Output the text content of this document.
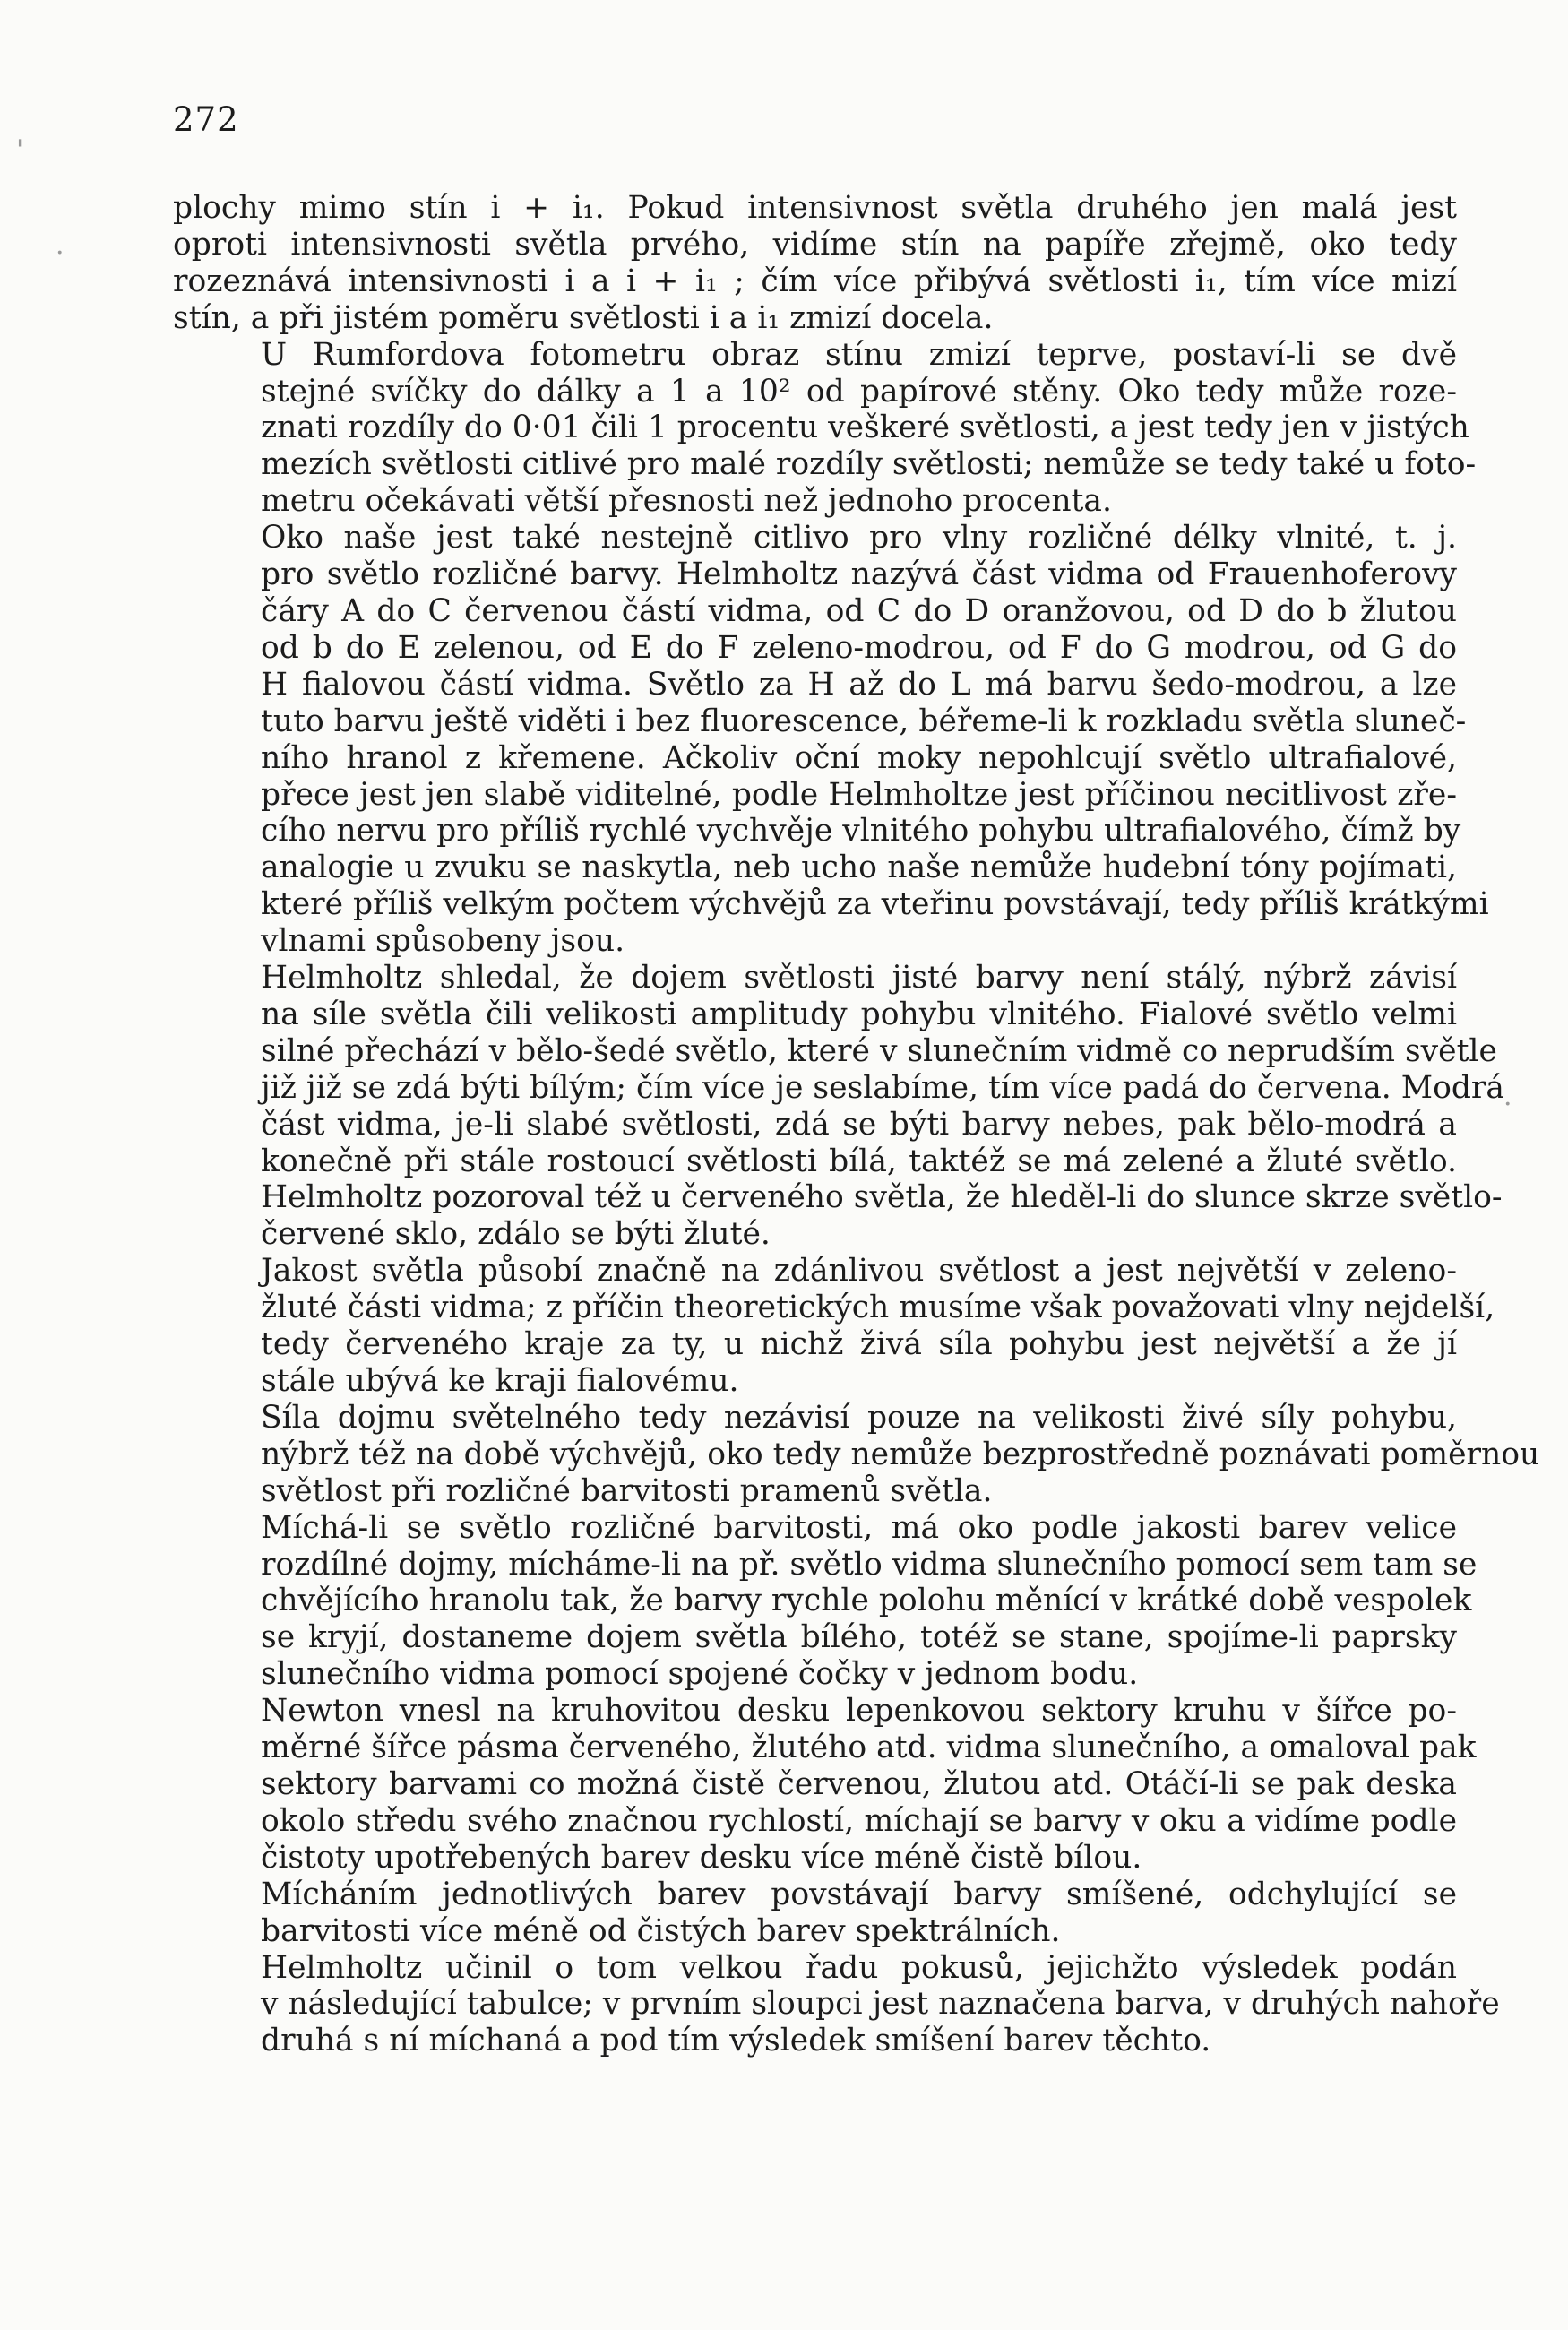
272

plochy mimo stín i + i₁. Pokud intensivnost světla druhého jen malá jest
oproti intensivnosti světla prvého, vidíme stín na papíře zřejmě, oko tedy
rozeznává intensivnosti i a i + i₁ ; čím více přibývá světlosti i₁, tím více mizí
stín, a při jistém poměru světlosti i a i₁ zmizí docela.

U Rumfordova fotometru obraz stínu zmizí teprve, postaví-li se dvě
stejné svíčky do dálky a 1 a 10² od papírové stěny. Oko tedy může roze-
znati rozdíly do 0·01 čili 1 procentu veškeré světlosti, a jest tedy jen v jistých
mezích světlosti citlivé pro malé rozdíly světlosti; nemůže se tedy také u foto-
metru očekávati větší přesnosti než jednoho procenta.

Oko naše jest také nestejně citlivo pro vlny rozličné délky vlnité, t. j.
pro světlo rozličné barvy. Helmholtz nazývá část vidma od Frauenhoferovy
čáry A do C červenou částí vidma, od C do D oranžovou, od D do b žlutou
od b do E zelenou, od E do F zeleno-modrou, od F do G modrou, od G do
H fialovou částí vidma. Světlo za H až do L má barvu šedo-modrou, a lze
tuto barvu ještě viděti i bez fluorescence, béřeme-li k rozkladu světla sluneč-
ního hranol z křemene. Ačkoliv oční moky nepohlcují světlo ultrafialové,
přece jest jen slabě viditelné, podle Helmholtze jest příčinou necitlivost zře-
cího nervu pro příliš rychlé vychvěje vlnitého pohybu ultrafialového, čímž by
analogie u zvuku se naskytla, neb ucho naše nemůže hudební tóny pojímati,
které příliš velkým počtem výchvějů za vteřinu povstávají, tedy příliš krátkými
vlnami spůsobeny jsou.

Helmholtz shledal, že dojem světlosti jisté barvy není stálý, nýbrž závisí
na síle světla čili velikosti amplitudy pohybu vlnitého. Fialové světlo velmi
silné přechází v bělo-šedé světlo, které v slunečním vidmě co neprudším světle
již již se zdá býti bílým; čím více je seslabíme, tím více padá do červena. Modrá
část vidma, je-li slabé světlosti, zdá se býti barvy nebes, pak bělo-modrá a
konečně při stále rostoucí světlosti bílá, taktéž se má zelené a žluté světlo.
Helmholtz pozoroval též u červeného světla, že hleděl-li do slunce skrze světlo-
červené sklo, zdálo se býti žluté.

Jakost světla působí značně na zdánlivou světlost a jest největší v zeleno-
žluté části vidma; z příčin theoretických musíme však považovati vlny nejdelší,
tedy červeného kraje za ty, u nichž živá síla pohybu jest největší a že jí
stále ubývá ke kraji fialovému.

Síla dojmu světelného tedy nezávisí pouze na velikosti živé síly pohybu,
nýbrž též na době výchvějů, oko tedy nemůže bezprostředně poznávati poměrnou
světlost při rozličné barvitosti pramenů světla.

Míchá-li se světlo rozličné barvitosti, má oko podle jakosti barev velice
rozdílné dojmy, mícháme-li na př. světlo vidma slunečního pomocí sem tam se
chvějícího hranolu tak, že barvy rychle polohu měnící v krátké době vespolek
se kryjí, dostaneme dojem světla bílého, totéž se stane, spojíme-li paprsky
slunečního vidma pomocí spojené čočky v jednom bodu.

Newton vnesl na kruhovitou desku lepenkovou sektory kruhu v šířce po-
měrné šířce pásma červeného, žlutého atd. vidma slunečního, a omaloval pak
sektory barvami co možná čistě červenou, žlutou atd. Otáčí-li se pak deska
okolo středu svého značnou rychlostí, míchají se barvy v oku a vidíme podle
čistoty upotřebených barev desku více méně čistě bílou.

Mícháním jednotlivých barev povstávají barvy smíšené, odchylující se
barvitosti více méně od čistých barev spektrálních.

Helmholtz učinil o tom velkou řadu pokusů, jejichžto výsledek podán
v následující tabulce; v prvním sloupci jest naznačena barva, v druhých nahoře
druhá s ní míchaná a pod tím výsledek smíšení barev těchto.

'
·
·
